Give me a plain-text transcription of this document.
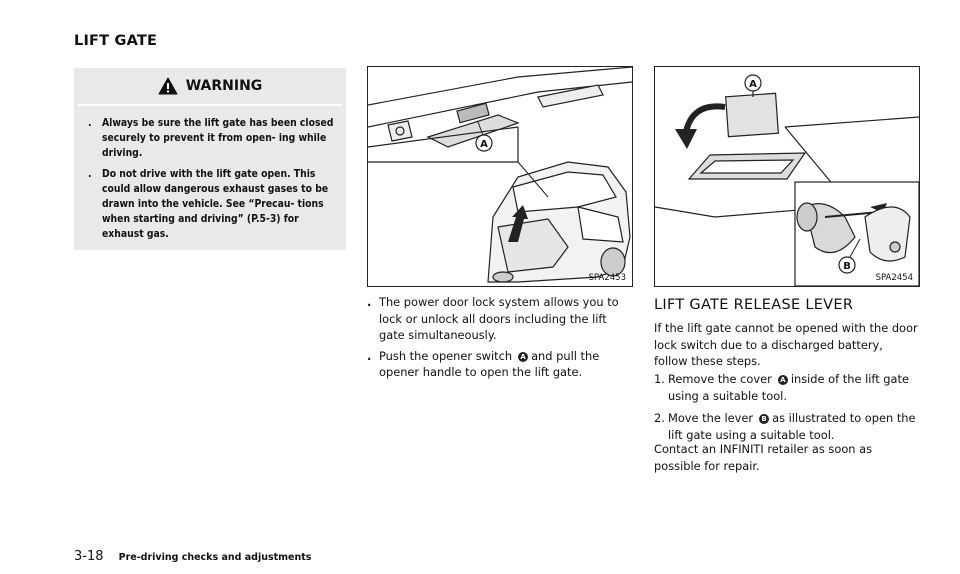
LIFT GATE
WARNING
. Always be sure the lift gate has been closed securely to prevent it from open- ing while driving.
. Do not drive with the lift gate open. This could allow dangerous exhaust gases to be drawn into the vehicle. See “Precau- tions when starting and driving” (P.5-3) for exhaust gas.
A
SPA2453
A
B
SPA2454
. The power door lock system allows you to lock or unlock all doors including the lift gate simultaneously.
. Push the opener switch A and pull the opener handle to open the lift gate.
LIFT GATE RELEASE LEVER

If the lift gate cannot be opened with the door lock switch due to a discharged battery, follow these steps.

1. Remove the cover A inside of the lift gate using a suitable tool.
2. Move the lever B as illustrated to open the lift gate using a suitable tool.

Contact an INFINITI retailer as soon as possible for repair.

3-18 Pre-driving checks and adjustments
